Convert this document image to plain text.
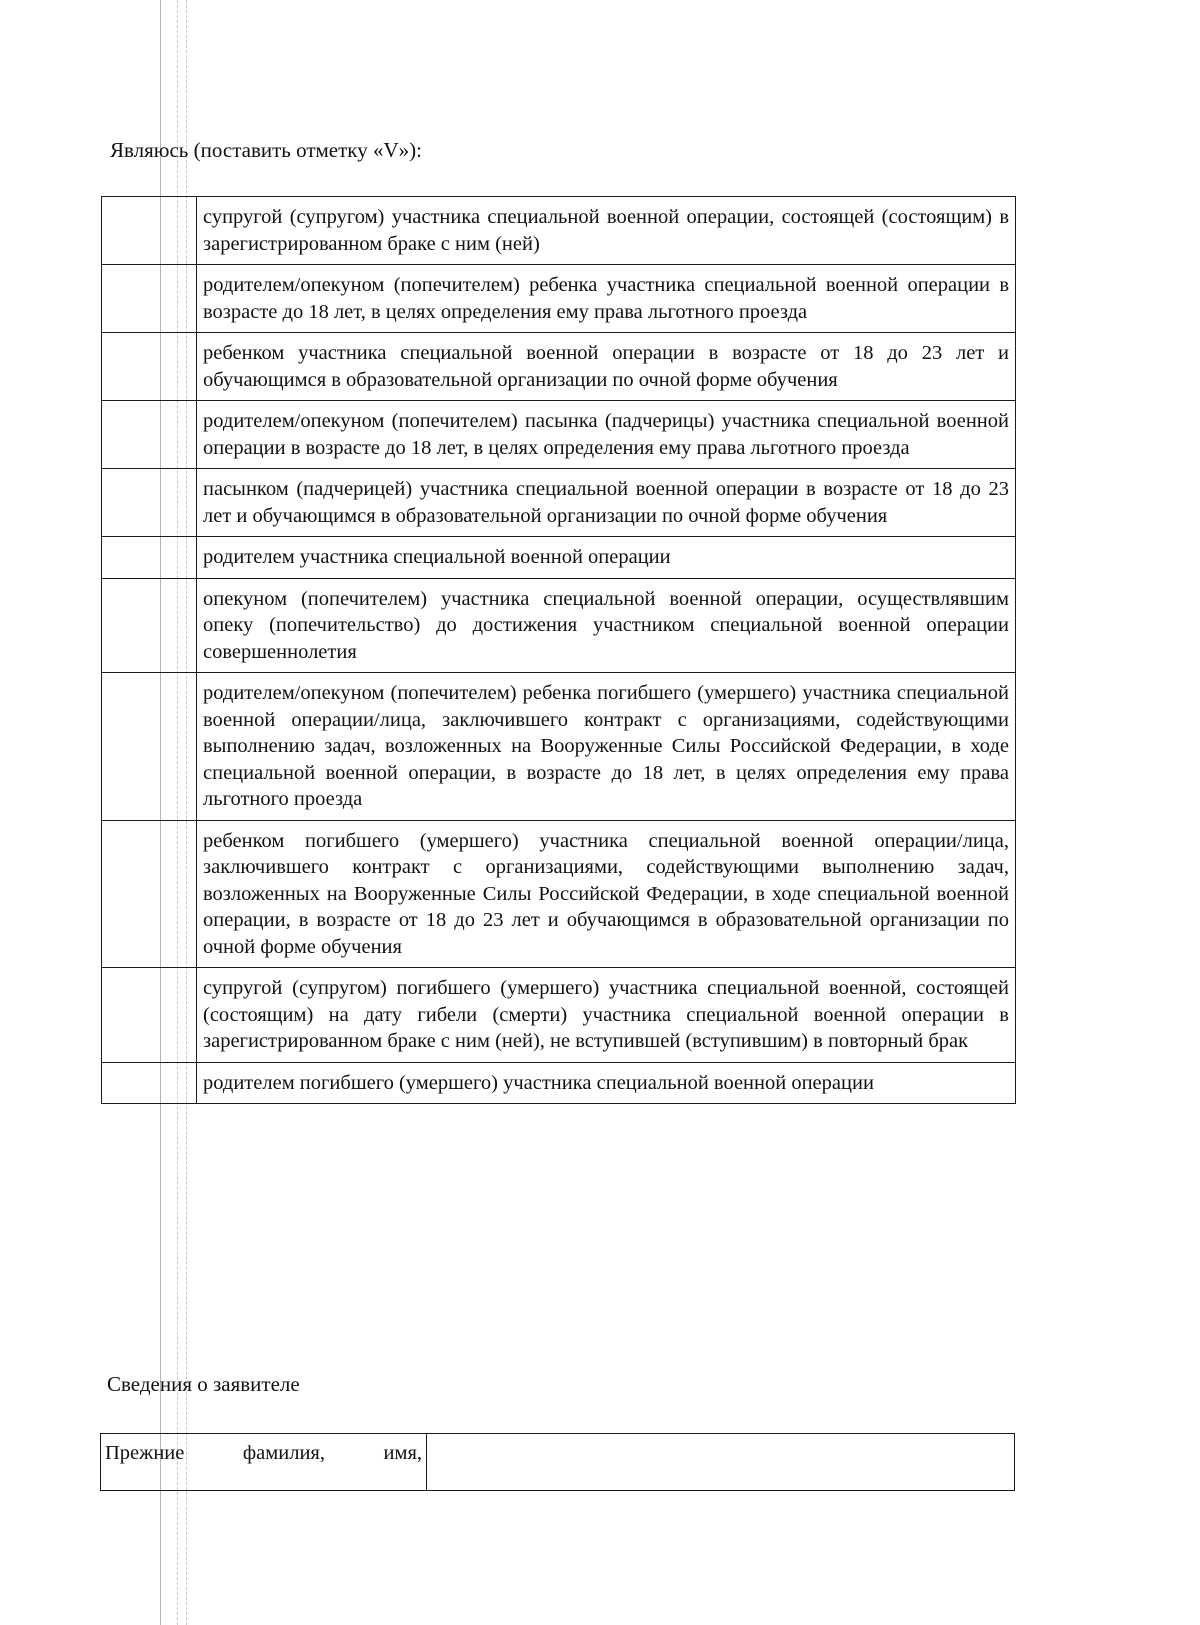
Являюсь (поставить отметку «V»):
	супругой (супругом) участника специальной военной операции, состоящей (состоящим) в зарегистрированном браке с ним (ней)
	родителем/опекуном (попечителем) ребенка участника специальной военной операции в возрасте до 18 лет, в целях определения ему права льготного проезда
	ребенком участника специальной военной операции в возрасте от 18 до 23 лет и обучающимся в образовательной организации по очной форме обучения
	родителем/опекуном (попечителем) пасынка (падчерицы) участника специальной военной операции в возрасте до 18 лет, в целях определения ему права льготного проезда
	пасынком (падчерицей) участника специальной военной операции в возрасте от 18 до 23 лет и обучающимся в образовательной организации по очной форме обучения
	родителем участника специальной военной операции
	опекуном (попечителем) участника специальной военной операции, осуществлявшим опеку (попечительство) до достижения участником специальной военной операции совершеннолетия
	родителем/опекуном (попечителем) ребенка погибшего (умершего) участника специальной военной операции/лица, заключившего контракт с организациями, содействующими выполнению задач, возложенных на Вооруженные Силы Российской Федерации, в ходе специальной военной операции, в возрасте до 18 лет, в целях определения ему права льготного проезда
	ребенком погибшего (умершего) участника специальной военной операции/лица, заключившего контракт с организациями, содействующими выполнению задач, возложенных на Вооруженные Силы Российской Федерации, в ходе специальной военной операции, в возрасте от 18 до 23 лет и обучающимся в образовательной организации по очной форме обучения
	супругой (супругом) погибшего (умершего) участника специальной военной, состоящей (состоящим) на дату гибели (смерти) участника специальной военной операции в зарегистрированном браке с ним (ней), не вступившей (вступившим) в повторный брак
	родителем погибшего (умершего) участника специальной военной операции
Сведения о заявителе
Прежние фамилия, имя,	
